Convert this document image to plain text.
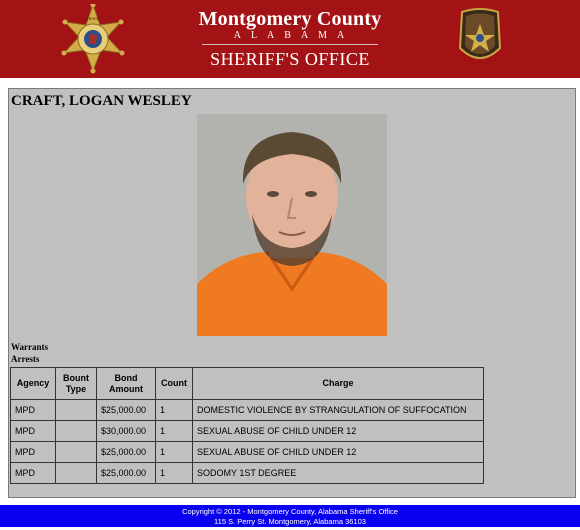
SHERIFF	Montgomery County
ALABAMA
SHERIFF'S OFFICE
CRAFT, LOGAN WESLEY
Warrants
Arrests
Agency	Bount Type	Bond Amount	Count	Charge
MPD		$25,000.00	1	DOMESTIC VIOLENCE BY STRANGULATION OF SUFFOCATION
MPD		$30,000.00	1	SEXUAL ABUSE OF CHILD UNDER 12
MPD		$25,000.00	1	SEXUAL ABUSE OF CHILD UNDER 12
MPD		$25,000.00	1	SODOMY 1ST DEGREE
Copyright © 2012 - Montgomery County, Alabama Sheriff's Office
115 S. Perry St. Montgomery, Alabama 36103
